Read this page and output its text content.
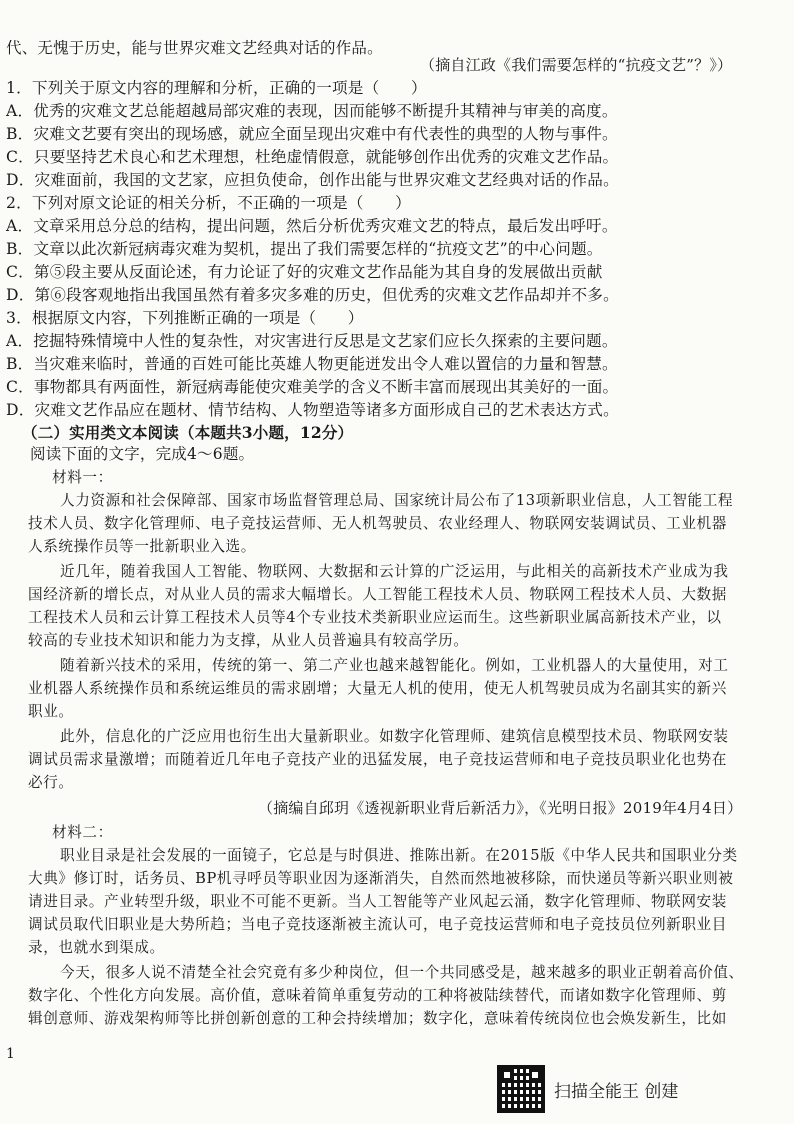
代、无愧于历史，能与世界灾难文艺经典对话的作品。
（摘自江政《我们需要怎样的“抗疫文艺”？》）
1．下列关于原文内容的理解和分析，正确的一项是（　　）
A．优秀的灾难文艺总能超越局部灾难的表现，因而能够不断提升其精神与审美的高度。
B．灾难文艺要有突出的现场感，就应全面呈现出灾难中有代表性的典型的人物与事件。
C．只要坚持艺术良心和艺术理想，杜绝虚情假意，就能够创作出优秀的灾难文艺作品。
D．灾难面前，我国的文艺家，应担负使命，创作出能与世界灾难文艺经典对话的作品。
2．下列对原文论证的相关分析，不正确的一项是（　　）
A．文章采用总分总的结构，提出问题，然后分析优秀灾难文艺的特点，最后发出呼吁。
B．文章以此次新冠病毒灾难为契机，提出了我们需要怎样的“抗疫文艺”的中心问题。
C．第⑤段主要从反面论述，有力论证了好的灾难文艺作品能为其自身的发展做出贡献
D．第⑥段客观地指出我国虽然有着多灾多难的历史，但优秀的灾难文艺作品却并不多。
3．根据原文内容，下列推断正确的一项是（　　）
A．挖掘特殊情境中人性的复杂性，对灾害进行反思是文艺家们应长久探索的主要问题。
B．当灾难来临时，普通的百姓可能比英雄人物更能迸发出令人难以置信的力量和智慧。
C．事物都具有两面性，新冠病毒能使灾难美学的含义不断丰富而展现出其美好的一面。
D．灾难文艺作品应在题材、情节结构、人物塑造等诸多方面形成自己的艺术表达方式。
（二）实用类文本阅读（本题共3小题，12分）
阅读下面的文字，完成4～6题。
材料一：
人力资源和社会保障部、国家市场监督管理总局、国家统计局公布了13项新职业信息，人工智能工程
技术人员、数字化管理师、电子竞技运营师、无人机驾驶员、农业经理人、物联网安装调试员、工业机器
人系统操作员等一批新职业入选。
近几年，随着我国人工智能、物联网、大数据和云计算的广泛运用，与此相关的高新技术产业成为我
国经济新的增长点，对从业人员的需求大幅增长。人工智能工程技术人员、物联网工程技术人员、大数据
工程技术人员和云计算工程技术人员等4个专业技术类新职业应运而生。这些新职业属高新技术产业，以
较高的专业技术知识和能力为支撑，从业人员普遍具有较高学历。
随着新兴技术的采用，传统的第一、第二产业也越来越智能化。例如，工业机器人的大量使用，对工
业机器人系统操作员和系统运维员的需求剧增；大量无人机的使用，使无人机驾驶员成为名副其实的新兴
职业。
此外，信息化的广泛应用也衍生出大量新职业。如数字化管理师、建筑信息模型技术员、物联网安装
调试员需求量激增；而随着近几年电子竞技产业的迅猛发展，电子竞技运营师和电子竞技员职业化也势在
必行。
（摘编自邱玥《透视新职业背后新活力》，《光明日报》2019年4月4日）
材料二：
职业目录是社会发展的一面镜子，它总是与时俱进、推陈出新。在2015版《中华人民共和国职业分类
大典》修订时，话务员、BP机寻呼员等职业因为逐渐消失，自然而然地被移除，而快递员等新兴职业则被
请进目录。产业转型升级，职业不可能不更新。当人工智能等产业风起云涌，数字化管理师、物联网安装
调试员取代旧职业是大势所趋；当电子竞技逐渐被主流认可，电子竞技运营师和电子竞技员位列新职业目
录，也就水到渠成。
今天，很多人说不清楚全社会究竟有多少种岗位，但一个共同感受是，越来越多的职业正朝着高价值、
数字化、个性化方向发展。高价值，意味着简单重复劳动的工种将被陆续替代，而诸如数字化管理师、剪
辑创意师、游戏架构师等比拼创新创意的工种会持续增加；数字化，意味着传统岗位也会焕发新生，比如
1
扫描全能王 创建
